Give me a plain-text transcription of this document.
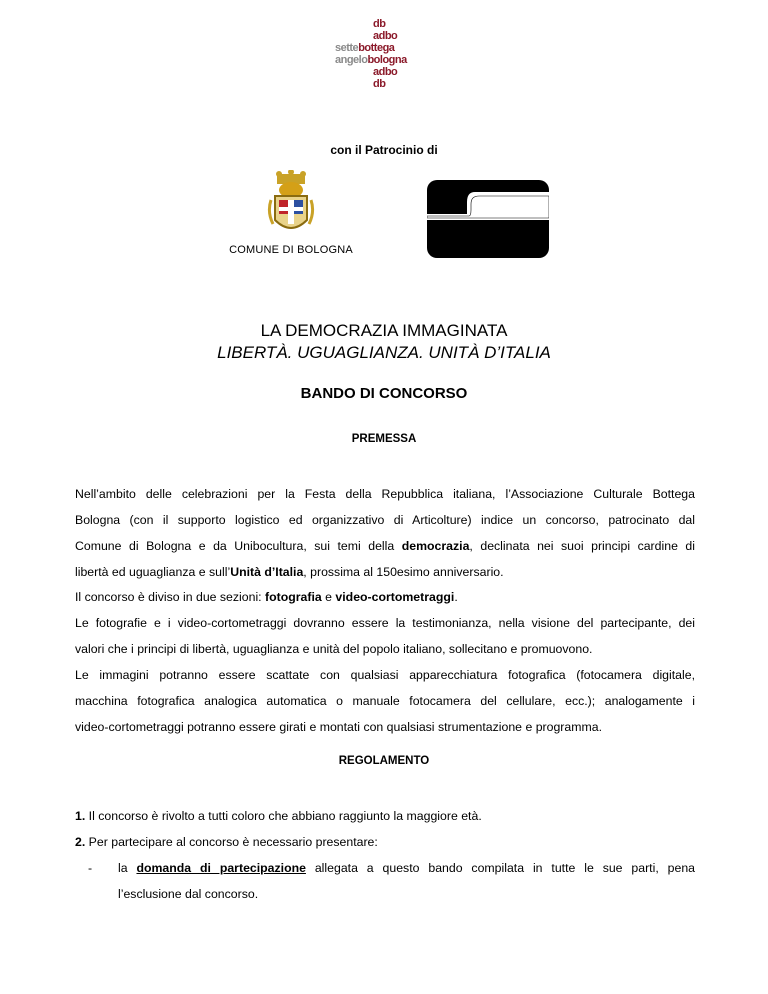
db
adbo
settebottega
angelobologna
adbo
db
con il Patrocinio di
COMUNE DI BOLOGNA
UNIBOCULTURA
LA DEMOCRAZIA IMMAGINATA
LIBERTÀ. UGUAGLIANZA. UNITÀ D’ITALIA
BANDO DI CONCORSO
PREMESSA
Nell’ambito delle celebrazioni per la Festa della Repubblica italiana, l’Associazione Culturale Bottega
Bologna (con il supporto logistico ed organizzativo di Articolture) indice un concorso, patrocinato dal
Comune di Bologna e da Unibocultura, sui temi della democrazia, declinata nei suoi principi cardine di
libertà ed uguaglianza e sull’Unità d’Italia, prossima al 150esimo anniversario.
Il concorso è diviso in due sezioni: fotografia e video-cortometraggi.
Le fotografie e i video-cortometraggi dovranno essere la testimonianza, nella visione del partecipante, dei
valori che i principi di libertà, uguaglianza e unità del popolo italiano, sollecitano e promuovono.
Le immagini potranno essere scattate con qualsiasi apparecchiatura fotografica (fotocamera digitale,
macchina fotografica analogica automatica o manuale fotocamera del cellulare, ecc.); analogamente i
video-cortometraggi potranno essere girati e montati con qualsiasi strumentazione e programma.
REGOLAMENTO
1. Il concorso è rivolto a tutti coloro che abbiano raggiunto la maggiore età.
2. Per partecipare al concorso è necessario presentare:
- la domanda di partecipazione allegata a questo bando compilata in tutte le sue parti, pena
l’esclusione dal concorso.
